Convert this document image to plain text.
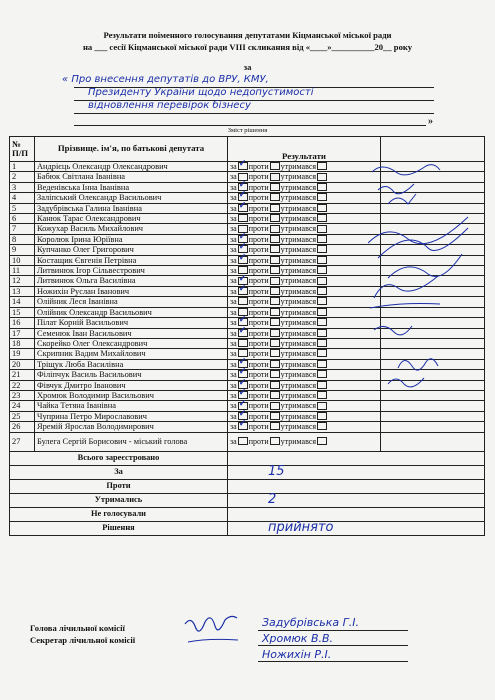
Результати поіменного голосування депутатами Кіцманської міської ради
на ___ сесії Кіцманської міської ради VIII скликання від «____»__________20__ року
за
« Про внесення депутатів до ВРУ, КМУ,
Президенту України щодо недопустимості
відновлення перевірок бізнесу
»
Зміст рішення
№ П/П	Прізвище. ім'я, по батькові депутата	Результати	
1	Андрієць Олександр Олександрович	за ✓ проти утримався	
2	Бабюк Світлана Іванівна	за проти утримався	
3	Веденівська Інна Іванівна	за ✓ проти утримався	
4	Заліпський Олександр Васильович	за ✓ проти утримався	
5	Задубрівська Галина Іванівна	за ✓ проти утримався	
6	Канюк Тарас Олександрович	за проти утримався	
7	Кожухар Василь Михайлович	за проти утримався	
8	Королюк Ірина Юріївна	за ✓ проти утримався	
9	Купчанко Олег Григорович	за ✓ проти утримався	
10	Костащик Євгенія Петрівна	за ✓ проти утримався	
11	Литвинюк Ігор Сільвестрович	за проти утримався	
12	Литвинюк Ольга Василівна	за ✓ проти утримався	
13	Ножихін Руслан Іванович	за ✓ проти утримався	
14	Олійник Леся Іванівна	за проти утримався	
15	Олійник Олександр Васильович	за проти утримався	
16	Пілат Корній Васильович	за ✓ проти утримався	
17	Семенюк Іван Васильович	за ✓ проти утримався	
18	Скорейко Олег Олександрович	за проти утримався	
19	Скрипник Вадим Михайлович	за проти утримався	
20	Тріщук Люба Василівна	за ✓ проти утримався	
21	Філіпчук Василь Васильович	за ✓ проти утримався	
22	Фівчук Дмитро Іванович	за ✓ проти утримався	
23	Хромюк Володимир Васильович	за ✓ проти утримався	
24	Чайка Тетяна Іванівна	за ✓ проти утримався	
25	Чуприна Петро Мирославович	за ✓ проти утримався	
26	Яремій Ярослав Володимирович	за ✓ проти утримався	
27	Булега Сергій Борисович - міський голова	за проти утримався	
Всього зареєстровано			
За		15	
Проти			
Утримались		2	
Не голосували			
Рішення		прийнято	
Голова лічильної комісії
Секретар лічильної комісії
Задубрівська Г.І.
Хромюк В.В.
Ножихін Р.І.
